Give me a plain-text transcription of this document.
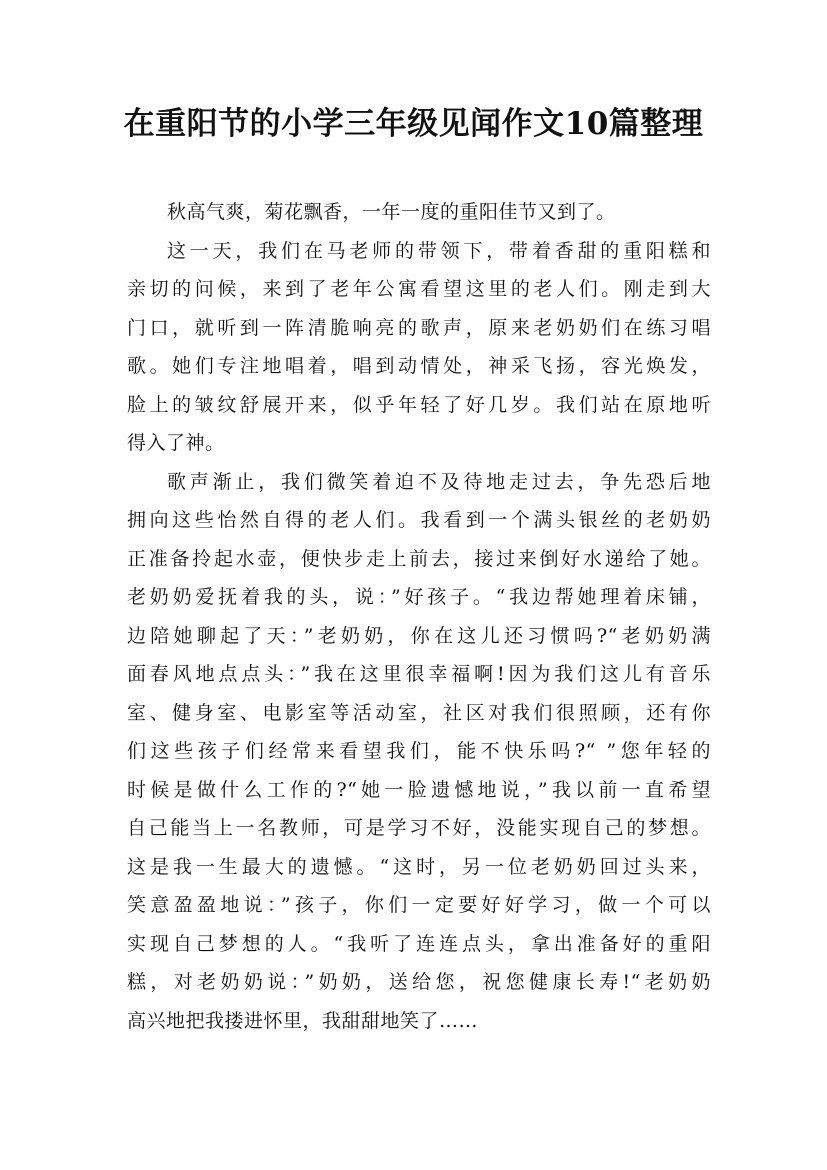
在重阳节的小学三年级见闻作文10篇整理
秋高气爽，菊花飘香，一年一度的重阳佳节又到了。
这一天，我们在马老师的带领下，带着香甜的重阳糕和
亲切的问候，来到了老年公寓看望这里的老人们。刚走到大
门口，就听到一阵清脆响亮的歌声，原来老奶奶们在练习唱
歌。她们专注地唱着，唱到动情处，神采飞扬，容光焕发，
脸上的皱纹舒展开来，似乎年轻了好几岁。我们站在原地听
得入了神。
歌声渐止，我们微笑着迫不及待地走过去，争先恐后地
拥向这些怡然自得的老人们。我看到一个满头银丝的老奶奶
正准备拎起水壶，便快步走上前去，接过来倒好水递给了她。
老奶奶爱抚着我的头，说：”好孩子。“我边帮她理着床铺，
边陪她聊起了天：”老奶奶，你在这儿还习惯吗?“老奶奶满
面春风地点点头：”我在这里很幸福啊!因为我们这儿有音乐
室、健身室、电影室等活动室，社区对我们很照顾，还有你
们这些孩子们经常来看望我们，能不快乐吗?“ ”您年轻的
时候是做什么工作的?“她一脸遗憾地说，”我以前一直希望
自己能当上一名教师，可是学习不好，没能实现自己的梦想。
这是我一生最大的遗憾。“这时，另一位老奶奶回过头来，
笑意盈盈地说：”孩子，你们一定要好好学习，做一个可以
实现自己梦想的人。“我听了连连点头，拿出准备好的重阳
糕，对老奶奶说：”奶奶，送给您，祝您健康长寿!“老奶奶
高兴地把我搂进怀里，我甜甜地笑了……
